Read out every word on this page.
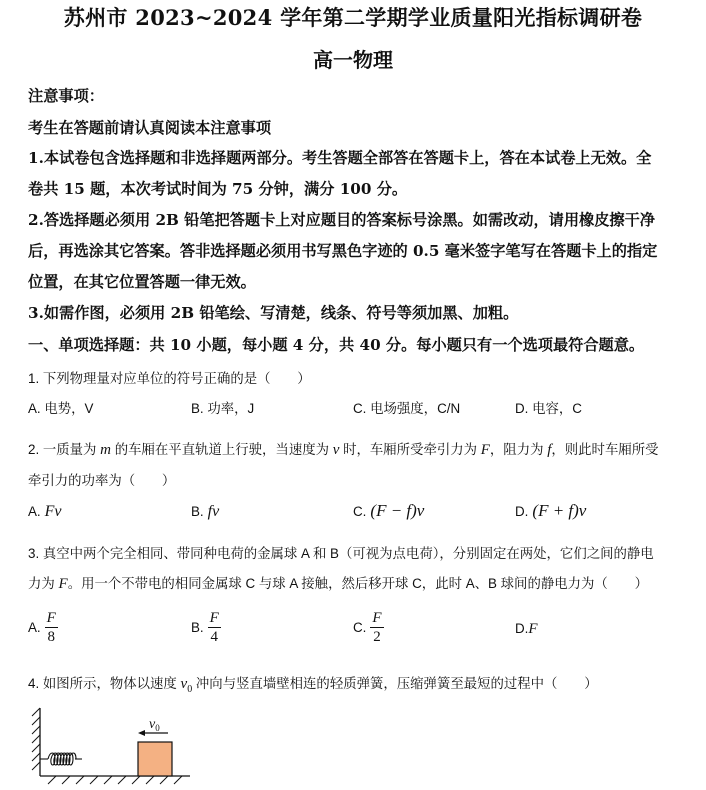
苏州市 2023~2024 学年第二学期学业质量阳光指标调研卷
高一物理
注意事项：
考生在答题前请认真阅读本注意事项
1.本试卷包含选择题和非选择题两部分。考生答题全部答在答题卡上，答在本试卷上无效。全
卷共 15 题，本次考试时间为 75 分钟，满分 100 分。
2.答选择题必须用 2B 铅笔把答题卡上对应题目的答案标号涂黑。如需改动，请用橡皮擦干净
后，再选涂其它答案。答非选择题必须用书写黑色字迹的 0.5 毫米签字笔写在答题卡上的指定
位置，在其它位置答题一律无效。
3.如需作图，必须用 2B 铅笔绘、写清楚，线条、符号等须加黑、加粗。
一、单项选择题：共 10 小题，每小题 4 分，共 40 分。每小题只有一个选项最符合题意。
1. 下列物理量对应单位的符号正确的是（　　）
A. 电势，V	B. 功率，J	C. 电场强度，C/N	D. 电容，C
2. 一质量为 m 的车厢在平直轨道上行驶，当速度为 v 时，车厢所受牵引力为 F，阻力为 f，则此时车厢所受
牵引力的功率为（　　）
A. Fv	B. fv	C. (F − f)v	D. (F + f)v
3. 真空中两个完全相同、带同种电荷的金属球 A 和 B（可视为点电荷），分别固定在两处，它们之间的静电
力为 F。用一个不带电的相同金属球 C 与球 A 接触，然后移开球 C，此时 A、B 球间的静电力为（　　）
A. $\frac{F}{8}$	B. $\frac{F}{4}$	C. $\frac{F}{2}$	D.F
4. 如图所示，物体以速度 $v_0$ 冲向与竖直墙壁相连的轻质弹簧，压缩弹簧至最短的过程中（　　）
$v_0$
